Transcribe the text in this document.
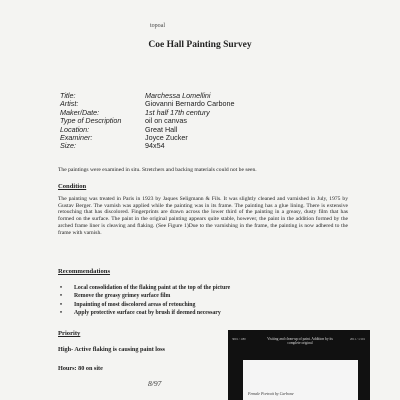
topoal
Coe Hall Painting Survey
Title:	Marchessa Lomellini
Artist:	Giovanni Bernardo Carbone
Maker/Date:	1st half 17th century
Type of Description	oil on canvas
Location:	Great Hall
Examiner:	Joyce Zucker
Size:	94x54
The paintings were examined in situ. Stretchers and backing materials could not be seen.
Condition
The painting was treated in Paris in 1923 by Jaques Seligmann & Fils. It was slightly cleaned and varnished in July, 1975 by Gustav Berger. The varnish was applied while the painting was in its frame. The painting has a glue lining. There is extensive retouching that has discolored. Fingerprints are drawn across the lower third of the painting in a greasy, dusty film that has formed on the surface. The paint in the original painting appears quite stable, however, the paint in the addition formed by the arched frame liner is cleaving and flaking. (See Figure 1)Due to the varnishing in the frame, the painting is now adhered to the frame with varnish.
Recommendations
•	Local consolidation of the flaking paint at the top of the picture
•	Remove the greasy grimey surface film
•	Inpainting of most discolored areas of retouching
•	Apply protective surface coat by brush if deemed necessary
Priority
High- Active flaking is causing paint loss
Hours: 80 on site
8/97
3001 / 1/80	2011 / 1/101
Visiting and clean-up of paint. Addition by its complete original
Female Portrait by Carbone
